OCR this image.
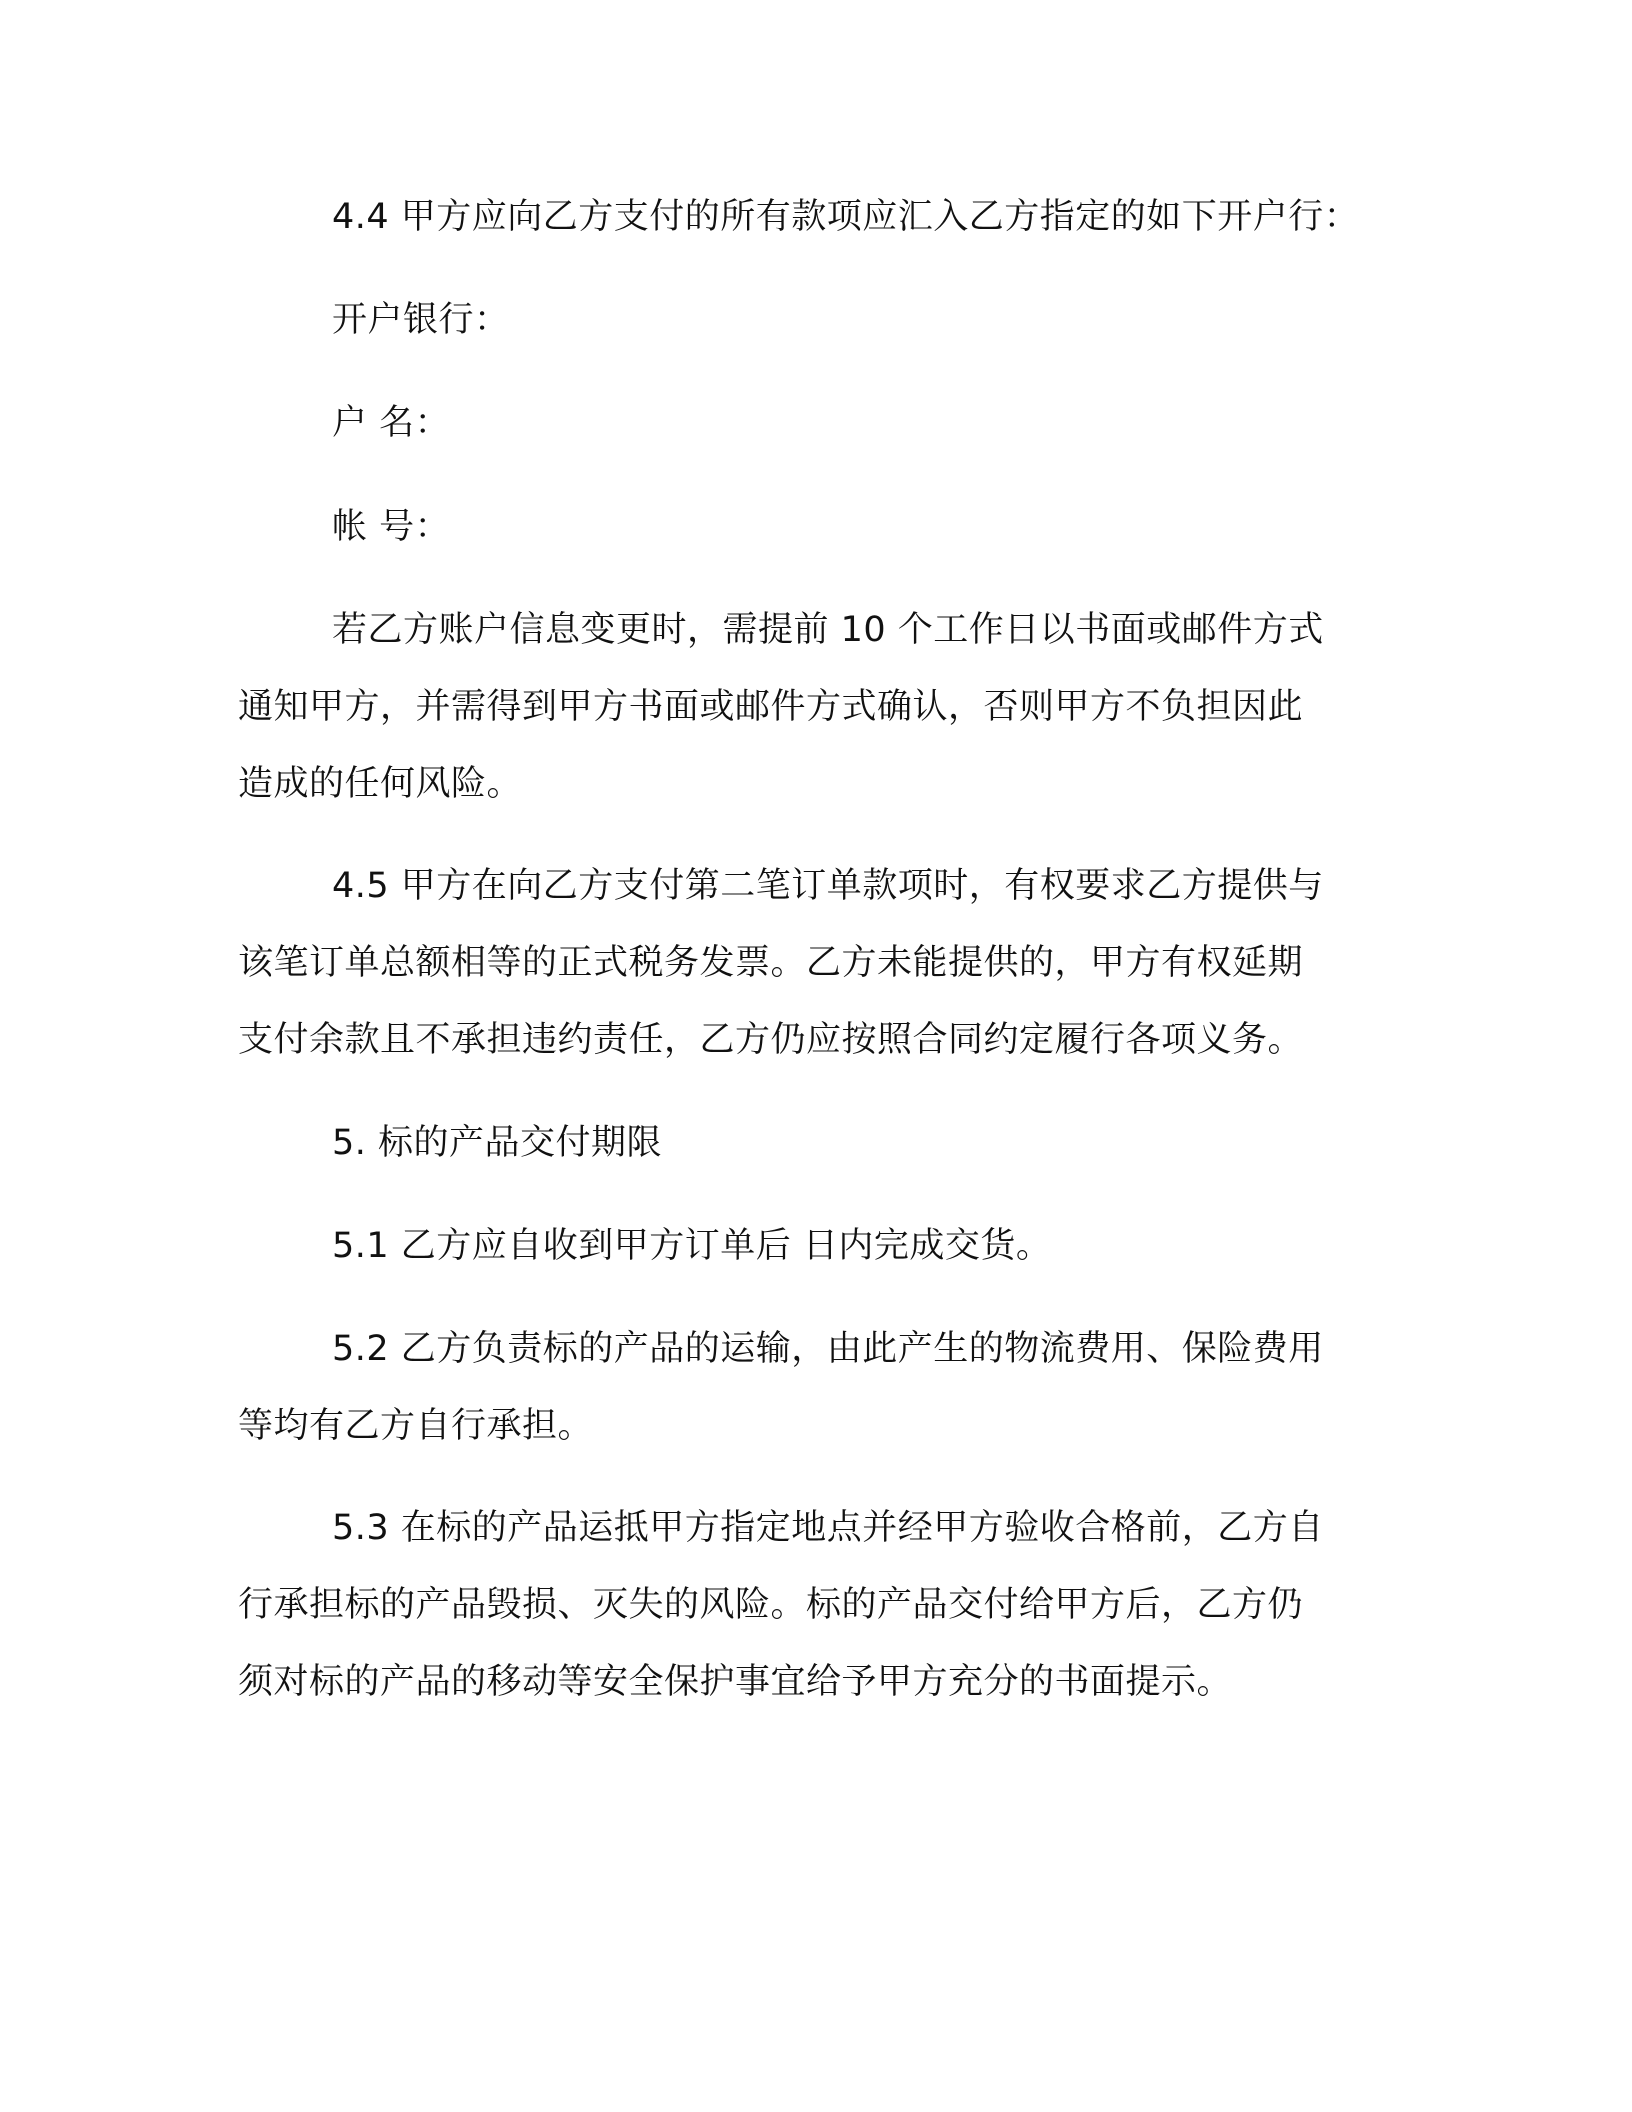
4.4 甲方应向乙方支付的所有款项应汇入乙方指定的如下开户行：
开户银行：
户 名：
帐 号：
若乙方账户信息变更时，需提前 10 个工作日以书面或邮件方式
通知甲方，并需得到甲方书面或邮件方式确认，否则甲方不负担因此
造成的任何风险。
4.5 甲方在向乙方支付第二笔订单款项时，有权要求乙方提供与
该笔订单总额相等的正式税务发票。乙方未能提供的，甲方有权延期
支付余款且不承担违约责任，乙方仍应按照合同约定履行各项义务。
5. 标的产品交付期限
5.1 乙方应自收到甲方订单后 日内完成交货。
5.2 乙方负责标的产品的运输，由此产生的物流费用、保险费用
等均有乙方自行承担。
5.3 在标的产品运抵甲方指定地点并经甲方验收合格前，乙方自
行承担标的产品毁损、灭失的风险。标的产品交付给甲方后，乙方仍
须对标的产品的移动等安全保护事宜给予甲方充分的书面提示。
